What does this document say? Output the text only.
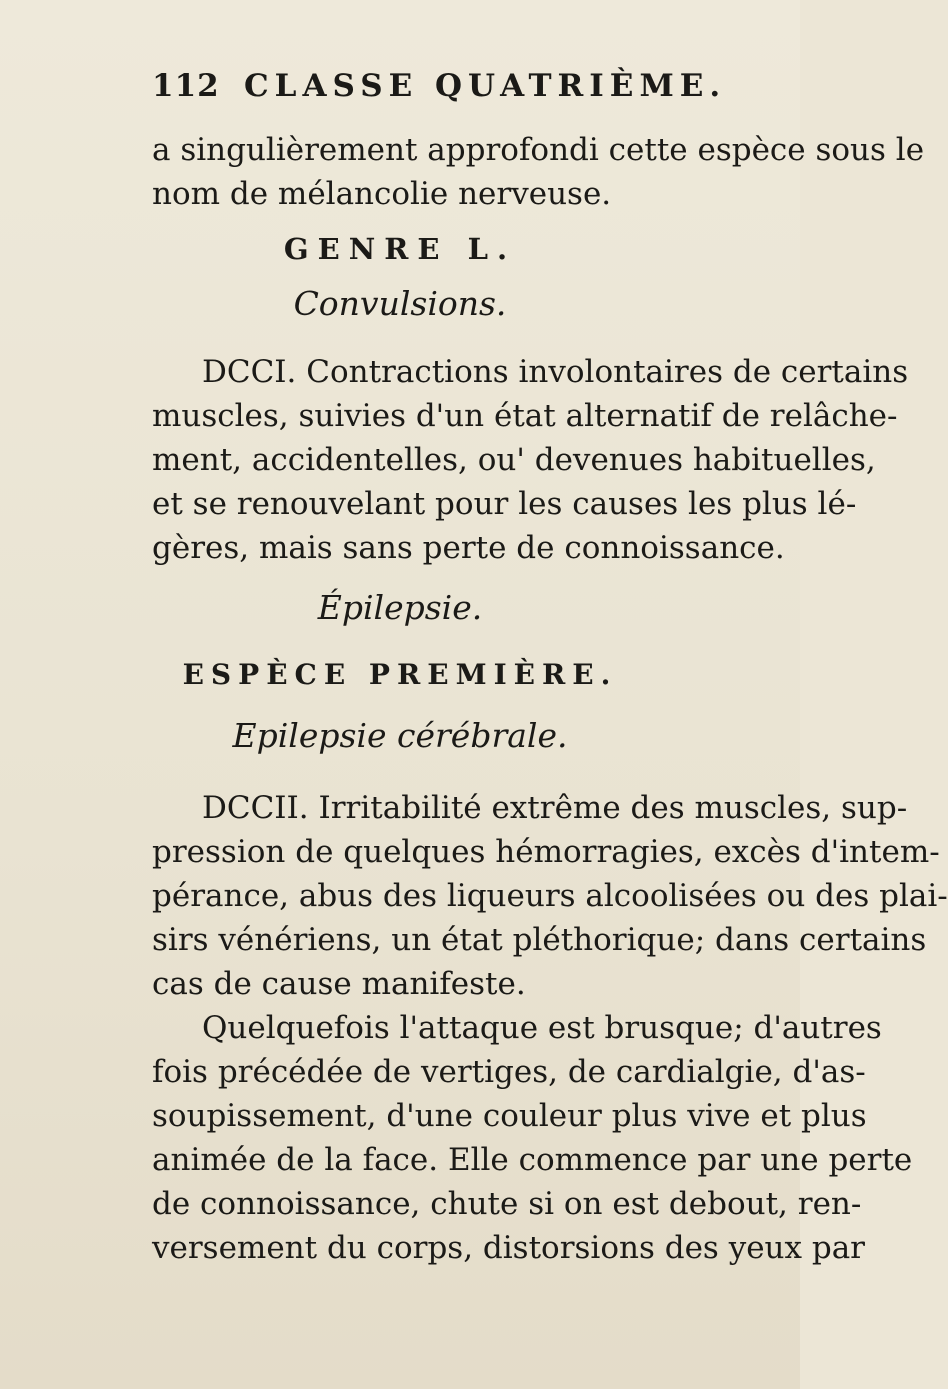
112 CLASSE QUATRIÈME.
a singulièrement approfondi cette espèce sous le
nom de mélancolie nerveuse.
GENRE L.
Convulsions.
DCCI. Contractions involontaires de certains
muscles, suivies d'un état alternatif de relâche-
ment, accidentelles, ou' devenues habituelles,
et se renouvelant pour les causes les plus lé-
gères, mais sans perte de connoissance.
Épilepsie.
ESPÈCE PREMIÈRE.
Epilepsie cérébrale.
DCCII. Irritabilité extrême des muscles, sup-
pression de quelques hémorragies, excès d'intem-
pérance, abus des liqueurs alcoolisées ou des plai-
sirs vénériens, un état pléthorique; dans certains
cas de cause manifeste.
Quelquefois l'attaque est brusque; d'autres
fois précédée de vertiges, de cardialgie, d'as-
soupissement, d'une couleur plus vive et plus
animée de la face. Elle commence par une perte
de connoissance, chute si on est debout, ren-
versement du corps, distorsions des yeux par
